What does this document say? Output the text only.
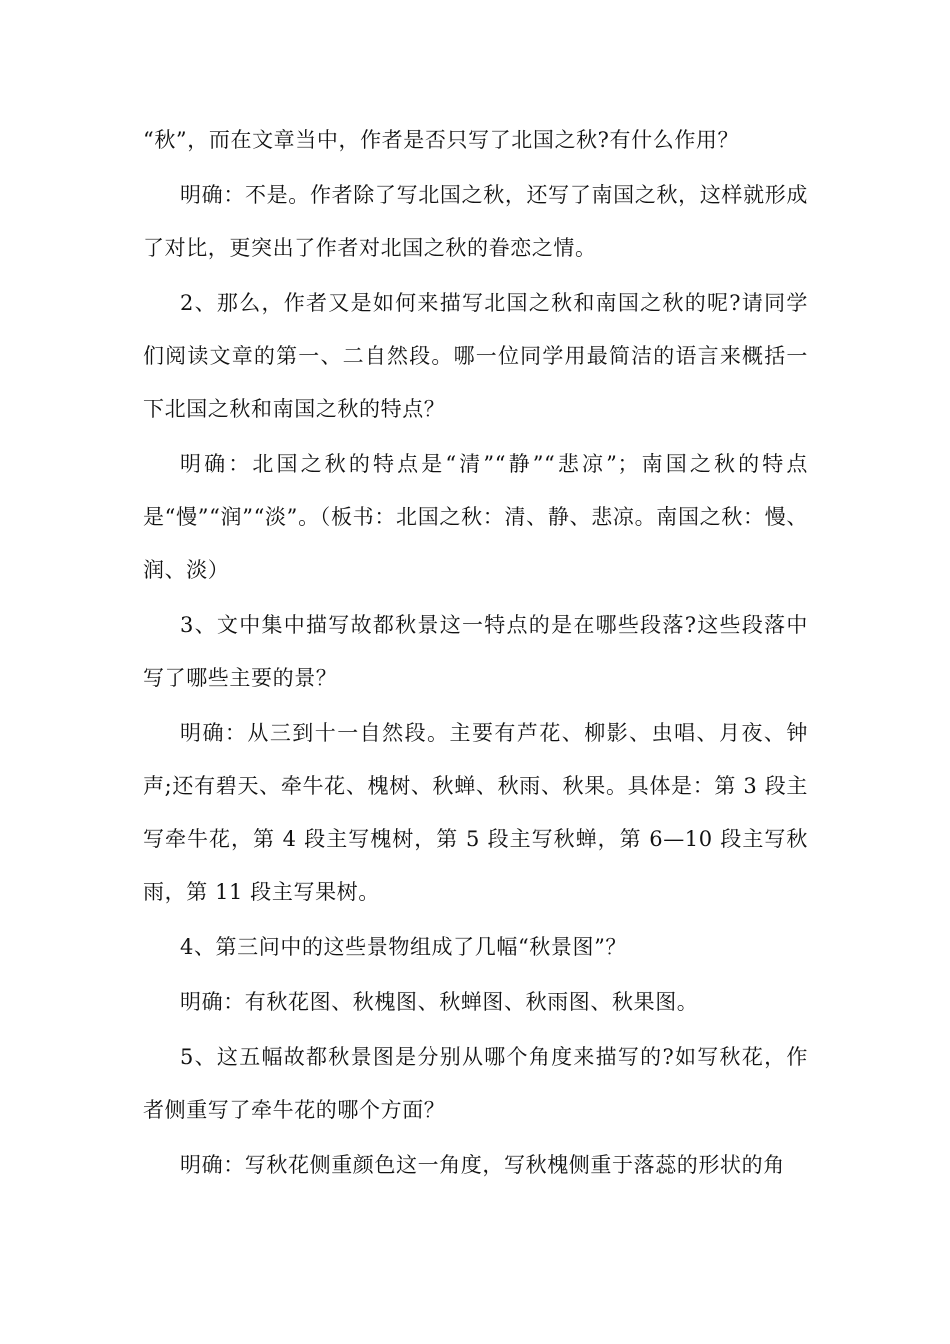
“秋”，而在文章当中，作者是否只写了北国之秋?有什么作用？

明确：不是。作者除了写北国之秋，还写了南国之秋，这样就形成了对比，更突出了作者对北国之秋的眷恋之情。

2、那么，作者又是如何来描写北国之秋和南国之秋的呢?请同学们阅读文章的第一、二自然段。哪一位同学用最简洁的语言来概括一下北国之秋和南国之秋的特点？

明确：北国之秋的特点是“清”“静”“悲凉”；南国之秋的特点是“慢”“润”“淡”。（板书：北国之秋：清、静、悲凉。南国之秋：慢、润、淡）

3、文中集中描写故都秋景这一特点的是在哪些段落?这些段落中写了哪些主要的景？

明确：从三到十一自然段。主要有芦花、柳影、虫唱、月夜、钟声;还有碧天、牵牛花、槐树、秋蝉、秋雨、秋果。具体是：第 3 段主写牵牛花，第 4 段主写槐树，第 5 段主写秋蝉，第 6—10 段主写秋雨，第 11 段主写果树。

4、第三问中的这些景物组成了几幅“秋景图”？

明确：有秋花图、秋槐图、秋蝉图、秋雨图、秋果图。

5、这五幅故都秋景图是分别从哪个角度来描写的?如写秋花，作者侧重写了牵牛花的哪个方面？

明确：写秋花侧重颜色这一角度，写秋槐侧重于落蕊的形状的角
